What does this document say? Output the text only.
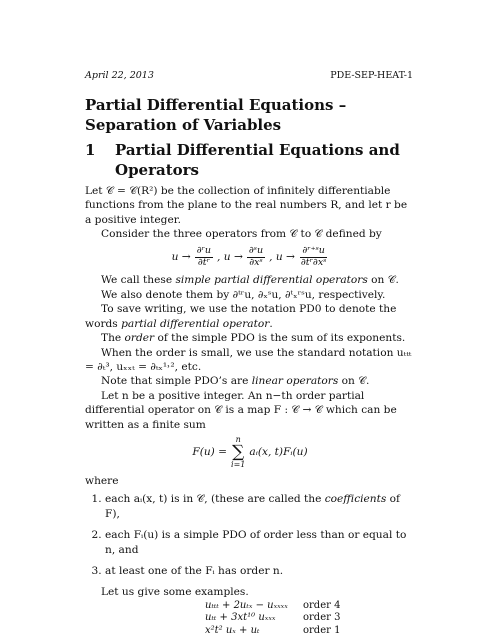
April 22, 2013	PDE-SEP-HEAT-1
Partial Differential Equations – Separation of Variables
1	Partial Differential Equations and Operators

Let 𝒞 = 𝒞(R²) be the collection of infinitely differentiable functions from the plane to the real numbers R, and let r be a positive integer.

Consider the three operators from 𝒞 to 𝒞 defined by

$u \to \frac{\text{∂ʳu}}{\text{∂tʳ}}$ , $u \to \frac{\text{∂ˢu}}{\text{∂xˢ}}$ , $u \to \frac{\text{∂ʳ⁺ˢu}}{\text{∂tʳ∂xˢ}}$

We call these simple partial differential operators on 𝒞.

We also denote them by ∂ᵗʳu, ∂ₓˢu, ∂ᵗₓʳˢu, respectively.

To save writing, we use the notation PD0 to denote the words partial differential operator.

The order of the simple PDO is the sum of its exponents.

When the order is small, we use the standard notation uₜₜₜ = ∂ₜ³, uₓₓₜ = ∂ₜₓ¹˒², etc.

Note that simple PDO’s are linear operators on 𝒞.

Let n be a positive integer. An n−th order partial differential operator on 𝒞 is a map F : 𝒞 → 𝒞 which can be written as a finite sum

F(u) =
n
∑
i=1
aᵢ(x, t)Fᵢ(u)

where

1. each aᵢ(x, t) is in 𝒞, (these are called the coefficients of F),
2. each Fᵢ(u) is a simple PDO of order less than or equal to n, and
3. at least one of the Fᵢ has order n.

Let us give some examples.

uₜₜₜ + 2uₜₓ − uₓₓₓₓ	order 4
uₜₜ + 3xt¹⁰ uₓₓₓ	order 3
x²t² uₓ + uₜ	order 1
